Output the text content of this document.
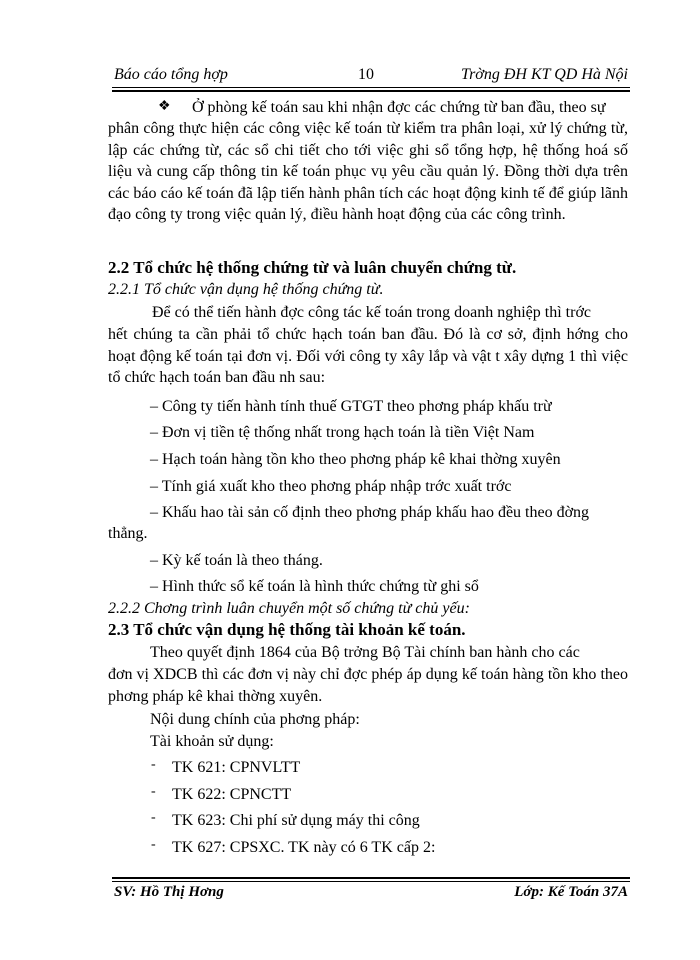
Báo cáo tổng hợp	10	Trờng ĐH KT QD Hà Nội
❖ Ở phòng kế toán sau khi nhận đợc các chứng từ ban đầu, theo sự
phân công thực hiện các công việc kế toán từ kiểm tra phân loại, xử lý chứng từ, lập các chứng từ, các sổ chi tiết cho tới việc ghi sổ tổng hợp, hệ thống hoá số liệu và cung cấp thông tin kế toán phục vụ yêu cầu quản lý. Đồng thời dựa trên các báo cáo kế toán đã lập tiến hành phân tích các hoạt động kinh tế để giúp lãnh đạo công ty trong việc quản lý, điều hành hoạt động của các công trình.
2.2 Tổ chức hệ thống chứng từ và luân chuyển chứng từ.
2.2.1 Tổ chức vận dụng hệ thống chứng từ.
Để có thể tiến hành đợc công tác kế toán trong doanh nghiệp thì trớc
hết chúng ta cần phải tổ chức hạch toán ban đầu. Đó là cơ sở, định hớng cho hoạt động kế toán tại đơn vị. Đối với công ty xây lắp và vật t xây dựng 1 thì việc tổ chức hạch toán ban đầu nh sau:
– Công ty tiến hành tính thuế GTGT theo phơng pháp khấu trừ
– Đơn vị tiền tệ thống nhất trong hạch toán là tiền Việt Nam
– Hạch toán hàng tồn kho theo phơng pháp kê khai thờng xuyên
– Tính giá xuất kho theo phơng pháp nhập trớc xuất trớc
– Khấu hao tài sản cố định theo phơng pháp khấu hao đều theo đờng
thẳng.
– Kỳ kế toán là theo tháng.
– Hình thức sổ kế toán là hình thức chứng từ ghi sổ
2.2.2 Chơng trình luân chuyển một số chứng từ chủ yếu:
2.3 Tổ chức vận dụng hệ thống tài khoản kế toán.
Theo quyết định 1864 của Bộ trởng Bộ Tài chính ban hành cho các
đơn vị XDCB thì các đơn vị này chỉ đợc phép áp dụng kế toán hàng tồn kho theo phơng pháp kê khai thờng xuyên.
Nội dung chính của phơng pháp:
Tài khoản sử dụng:
- TK 621: CPNVLTT
- TK 622: CPNCTT
- TK 623: Chi phí sử dụng máy thi công
- TK 627: CPSXC. TK này có 6 TK cấp 2:
SV: Hồ Thị Hơng	Lớp: Kế Toán 37A
